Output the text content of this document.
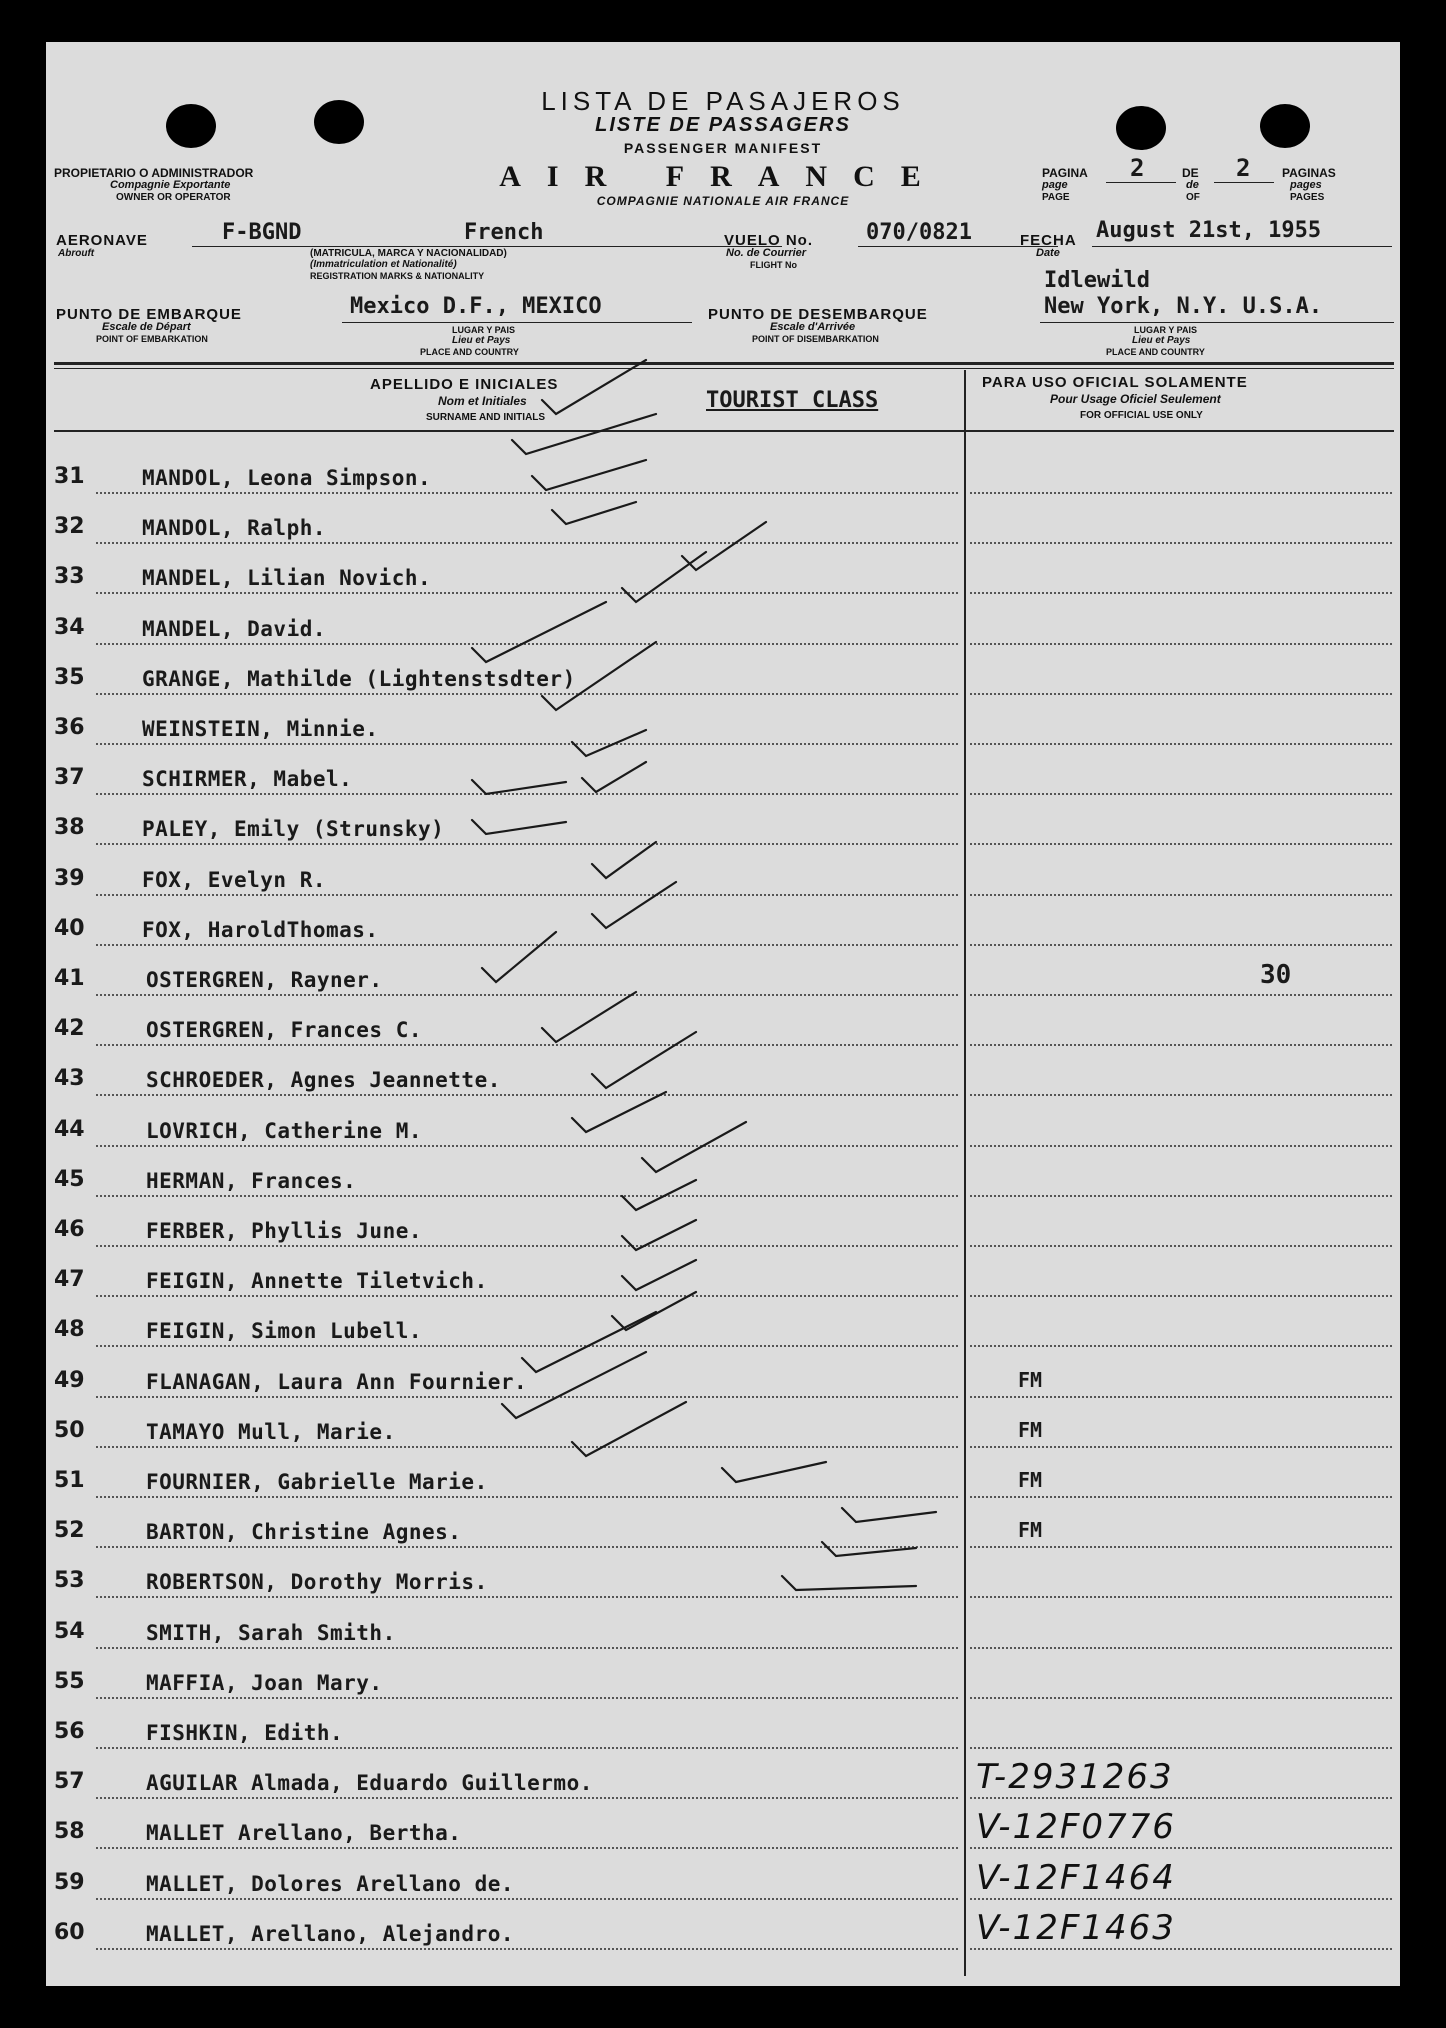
LISTA DE PASAJEROS
LISTE DE PASSAGERS
PASSENGER MANIFEST
AIR FRANCE
COMPAGNIE NATIONALE AIR FRANCE
PROPIETARIO O ADMINISTRADOR
Compagnie Exportante
OWNER OR OPERATOR
PAGINA
page
PAGE
2	DE
de
OF
2	PAGINAS
pages
PAGES
AERONAVE
Abrouft
F-BGND	French
(MATRICULA, MARCA Y NACIONALIDAD)
(Immatriculation et Nationalité)
REGISTRATION MARKS & NATIONALITY
VUELO No.
No. de Courrier
FLIGHT No
070/0821	FECHA
Date
August 21st, 1955
PUNTO DE EMBARQUE
Escale de Départ
POINT OF EMBARKATION
Mexico D.F., MEXICO
LUGAR Y PAIS
Lieu et Pays
PLACE AND COUNTRY
PUNTO DE DESEMBARQUE
Escale d'Arrivée
POINT OF DISEMBARKATION
Idlewild
New York, N.Y. U.S.A.
LUGAR Y PAIS
Lieu et Pays
PLACE AND COUNTRY
APELLIDO E INICIALES
Nom et Initiales
SURNAME AND INITIALS
TOURIST CLASS
PARA USO OFICIAL SOLAMENTE
Pour Usage Oficiel Seulement
FOR OFFICIAL USE ONLY
31	MANDOL, Leona Simpson.
32	MANDOL, Ralph.
33	MANDEL, Lilian Novich.
34	MANDEL, David.
35	GRANGE, Mathilde (Lightenstsdter)
36	WEINSTEIN, Minnie.
37	SCHIRMER, Mabel.
38	PALEY, Emily (Strunsky)
39	FOX, Evelyn R.
40	FOX, HaroldThomas.
41	OSTERGREN, Rayner.	30
42	OSTERGREN, Frances C.
43	SCHROEDER, Agnes Jeannette.
44	LOVRICH, Catherine M.
45	HERMAN, Frances.
46	FERBER, Phyllis June.
47	FEIGIN, Annette Tiletvich.
48	FEIGIN, Simon Lubell.
49	FLANAGAN, Laura Ann Fournier.	FM
50	TAMAYO Mull, Marie.	FM
51	FOURNIER, Gabrielle Marie.	FM
52	BARTON, Christine Agnes.	FM
53	ROBERTSON, Dorothy Morris.
54	SMITH, Sarah Smith.
55	MAFFIA, Joan Mary.
56	FISHKIN, Edith.
57	AGUILAR Almada, Eduardo Guillermo.	T-2931263
58	MALLET Arellano, Bertha.	V-12F0776
59	MALLET, Dolores Arellano de.	V-12F1464
60	MALLET, Arellano, Alejandro.	V-12F1463
